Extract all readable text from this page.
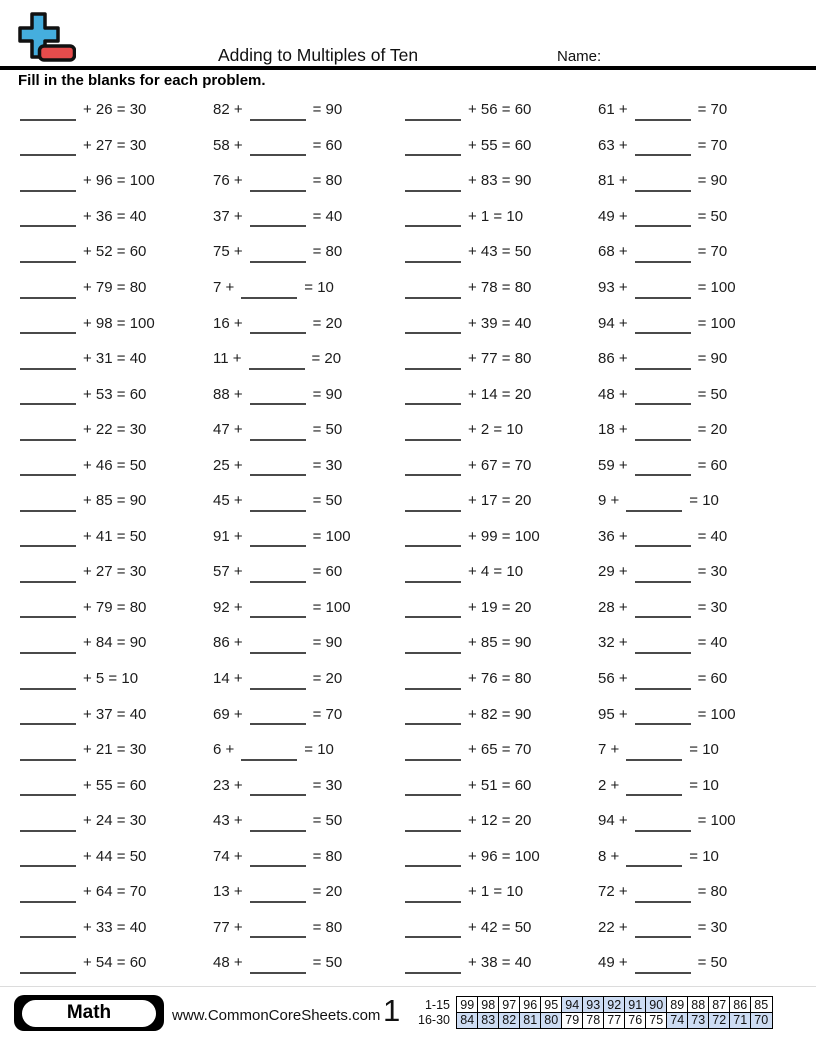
Adding to Multiples of Ten	Name:
Fill in the blanks for each problem.
+ 26 = 30
+ 27 = 30
+ 96 = 100
+ 36 = 40
+ 52 = 60
+ 79 = 80
+ 98 = 100
+ 31 = 40
+ 53 = 60
+ 22 = 30
+ 46 = 50
+ 85 = 90
+ 41 = 50
+ 27 = 30
+ 79 = 80
+ 84 = 90
+ 5 = 10
+ 37 = 40
+ 21 = 30
+ 55 = 60
+ 24 = 30
+ 44 = 50
+ 64 = 70
+ 33 = 40
+ 54 = 60
82 +	= 90
58 +	= 60
76 +	= 80
37 +	= 40
75 +	= 80
7 +	= 10
16 +	= 20
11 +	= 20
88 +	= 90
47 +	= 50
25 +	= 30
45 +	= 50
91 +	= 100
57 +	= 60
92 +	= 100
86 +	= 90
14 +	= 20
69 +	= 70
6 +	= 10
23 +	= 30
43 +	= 50
74 +	= 80
13 +	= 20
77 +	= 80
48 +	= 50
+ 56 = 60
+ 55 = 60
+ 83 = 90
+ 1 = 10
+ 43 = 50
+ 78 = 80
+ 39 = 40
+ 77 = 80
+ 14 = 20
+ 2 = 10
+ 67 = 70
+ 17 = 20
+ 99 = 100
+ 4 = 10
+ 19 = 20
+ 85 = 90
+ 76 = 80
+ 82 = 90
+ 65 = 70
+ 51 = 60
+ 12 = 20
+ 96 = 100
+ 1 = 10
+ 42 = 50
+ 38 = 40
61 +	= 70
63 +	= 70
81 +	= 90
49 +	= 50
68 +	= 70
93 +	= 100
94 +	= 100
86 +	= 90
48 +	= 50
18 +	= 20
59 +	= 60
9 +	= 10
36 +	= 40
29 +	= 30
28 +	= 30
32 +	= 40
56 +	= 60
95 +	= 100
7 +	= 10
2 +	= 10
94 +	= 100
8 +	= 10
72 +	= 80
22 +	= 30
49 +	= 50
Math	www.CommonCoreSheets.com 1	1-15 99 98 97 96 95 94 93 92 91 90 89 88 87 86 85
16-30 84 83 82 81 80 79 78 77 76 75 74 73 72 71 70
